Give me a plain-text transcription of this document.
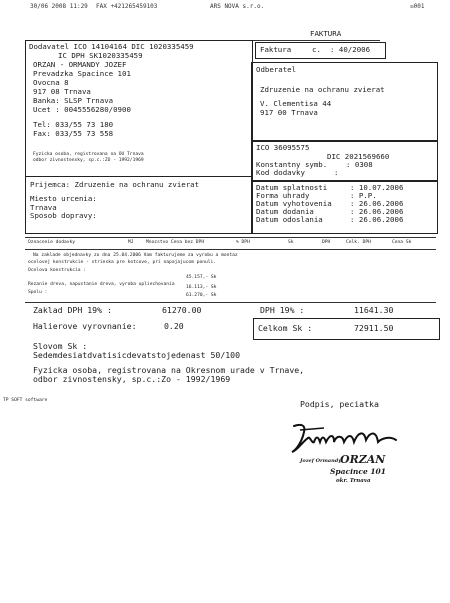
30/06 2008 11:29 FAX +421265459103	ARS NOVA s.r.o.	☒001
FAKTURA
Dodavatel ICO 14104164 DIC 1020335459
IC DPH SK1020335459
ORZAN - ORMANDY JOZEF
Prevadzka Spacince 101
Ovocna 8
917 08 Trnava
Banka: SLSP Trnava
Ucet : 0045556280/0900
Tel: 033/55 73 180
Fax: 033/55 73 558
Fyzicka osoba, registrovana na OU Trnava
odbor zivnostensky, sp.c.:ZO - 1992/1969
Faktura	c. : 40/2006
Odberatel
Zdruzenie na ochranu zvierat
V. Clementisa 44
917 00 Trnava
ICO 36095575
DIC 2021569660
Konstantny symb.	: 0308
Kod dodavky	:
Prijemca: Zdruzenie na ochranu zvierat
Miesto urcenia:
Trnava
Sposob dopravy:
Datum splatnosti	: 10.07.2006
Forma uhrady	: P.P.
Datum vyhotovenia : 26.06.2006
Datum dodania	: 26.06.2006
Datum odoslania	: 26.06.2006
Oznacenie dodavky	MJ	Mnozstvo Cena bez DPH	% DPH	Sk	DPH	Celk. DPH	Cena Sk
Na zaklade objednavky zo dna 25.04.2006 Vam fakturujeme za vyrobu a montaz
ocelovej konstrukcie - strieska pre kotcove, pri napajajucom ponuli.
Ocelova konstrukcia :
45.157,- Sk
Rezanie dreva, napustanie dreva, vyroba upliechovania
16.113,- Sk
Spolu :
61.270,- Sk
Zaklad DPH 19% :	61270.00	DPH 19% :	11641.30
Halierove vyrovnanie:	0.20	Celkom Sk :	72911.50
Slovom Sk :
Sedemdesiatdvatisicdevatstojedenast 50/100
Fyzicka osoba, registrovana na Okresnom urade v Trnave,
odbor zivnostensky, sp.c.:Zo - 1992/1969
TP SOFT software	Podpis, peciatka
Jozef Ormandy
ORZAN
Spacince 101
okr. Trnava
